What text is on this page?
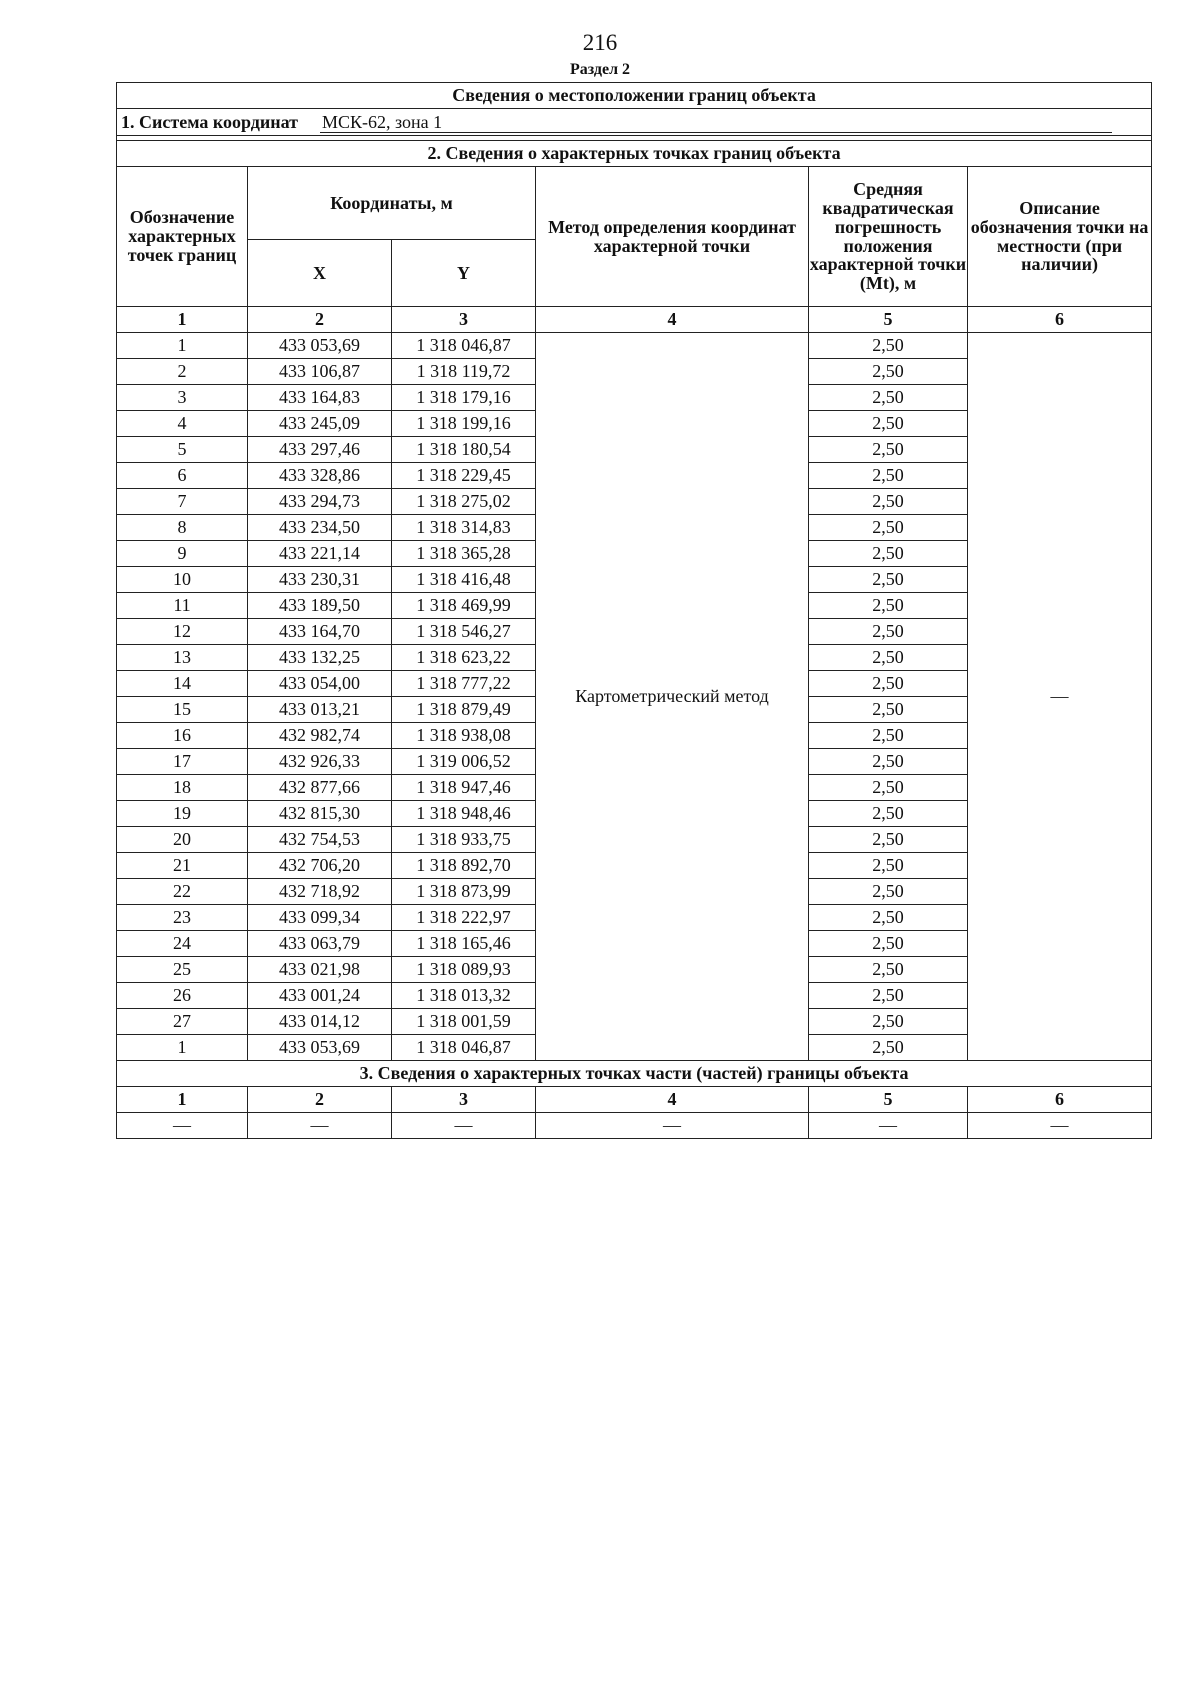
216
Раздел 2
Сведения о местоположении границ объекта					
1. Система координат МСК-62, зона 1					

2. Сведения о характерных точках границ объекта					
Обозначение характерных точек границ	Координаты, м		Метод определения координат характерной точки	Средняя квадратическая погрешность положения характерной точки (Mt), м	Описание обозначения точки на местности (при наличии)
	X	Y			
1	2	3	4	5	6
1	433 053,69	1 318 046,87	Картометрический метод	2,50	—
2	433 106,87	1 318 119,72		2,50	
3	433 164,83	1 318 179,16		2,50	
4	433 245,09	1 318 199,16		2,50	
5	433 297,46	1 318 180,54		2,50	
6	433 328,86	1 318 229,45		2,50	
7	433 294,73	1 318 275,02		2,50	
8	433 234,50	1 318 314,83		2,50	
9	433 221,14	1 318 365,28		2,50	
10	433 230,31	1 318 416,48		2,50	
11	433 189,50	1 318 469,99		2,50	
12	433 164,70	1 318 546,27		2,50	
13	433 132,25	1 318 623,22		2,50	
14	433 054,00	1 318 777,22		2,50	
15	433 013,21	1 318 879,49		2,50	
16	432 982,74	1 318 938,08		2,50	
17	432 926,33	1 319 006,52		2,50	
18	432 877,66	1 318 947,46		2,50	
19	432 815,30	1 318 948,46		2,50	
20	432 754,53	1 318 933,75		2,50	
21	432 706,20	1 318 892,70		2,50	
22	432 718,92	1 318 873,99		2,50	
23	433 099,34	1 318 222,97		2,50	
24	433 063,79	1 318 165,46		2,50	
25	433 021,98	1 318 089,93		2,50	
26	433 001,24	1 318 013,32		2,50	
27	433 014,12	1 318 001,59		2,50	
1	433 053,69	1 318 046,87		2,50	
3. Сведения о характерных точках части (частей) границы объекта					
1	2	3	4	5	6
—	—	—	—	—	—
